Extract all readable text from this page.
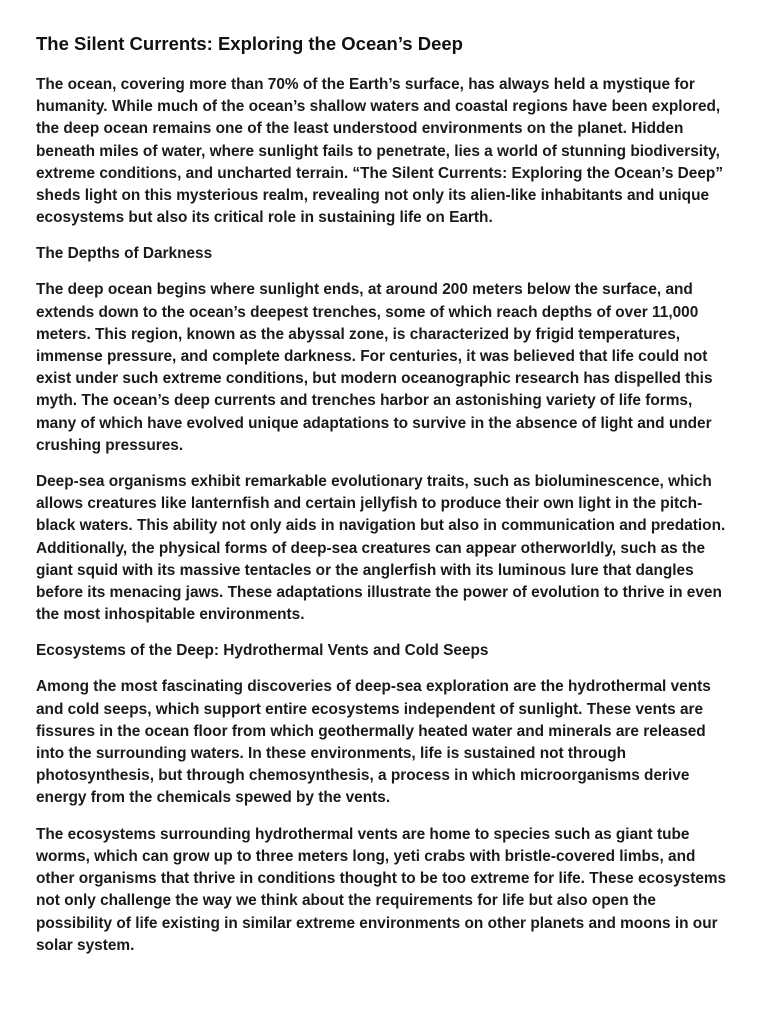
The Silent Currents: Exploring the Ocean’s Deep

The ocean, covering more than 70% of the Earth’s surface, has always held a mystique for humanity. While much of the ocean’s shallow waters and coastal regions have been explored, the deep ocean remains one of the least understood environments on the planet. Hidden beneath miles of water, where sunlight fails to penetrate, lies a world of stunning biodiversity, extreme conditions, and uncharted terrain. “The Silent Currents: Exploring the Ocean’s Deep” sheds light on this mysterious realm, revealing not only its alien-like inhabitants and unique ecosystems but also its critical role in sustaining life on Earth.

The Depths of Darkness

The deep ocean begins where sunlight ends, at around 200 meters below the surface, and extends down to the ocean’s deepest trenches, some of which reach depths of over 11,000 meters. This region, known as the abyssal zone, is characterized by frigid temperatures, immense pressure, and complete darkness. For centuries, it was believed that life could not exist under such extreme conditions, but modern oceanographic research has dispelled this myth. The ocean’s deep currents and trenches harbor an astonishing variety of life forms, many of which have evolved unique adaptations to survive in the absence of light and under crushing pressures.

Deep-sea organisms exhibit remarkable evolutionary traits, such as bioluminescence, which allows creatures like lanternfish and certain jellyfish to produce their own light in the pitch-black waters. This ability not only aids in navigation but also in communication and predation. Additionally, the physical forms of deep-sea creatures can appear otherworldly, such as the giant squid with its massive tentacles or the anglerfish with its luminous lure that dangles before its menacing jaws. These adaptations illustrate the power of evolution to thrive in even the most inhospitable environments.

Ecosystems of the Deep: Hydrothermal Vents and Cold Seeps

Among the most fascinating discoveries of deep-sea exploration are the hydrothermal vents and cold seeps, which support entire ecosystems independent of sunlight. These vents are fissures in the ocean floor from which geothermally heated water and minerals are released into the surrounding waters. In these environments, life is sustained not through photosynthesis, but through chemosynthesis, a process in which microorganisms derive energy from the chemicals spewed by the vents.

The ecosystems surrounding hydrothermal vents are home to species such as giant tube worms, which can grow up to three meters long, yeti crabs with bristle-covered limbs, and other organisms that thrive in conditions thought to be too extreme for life. These ecosystems not only challenge the way we think about the requirements for life but also open the possibility of life existing in similar extreme environments on other planets and moons in our solar system.
